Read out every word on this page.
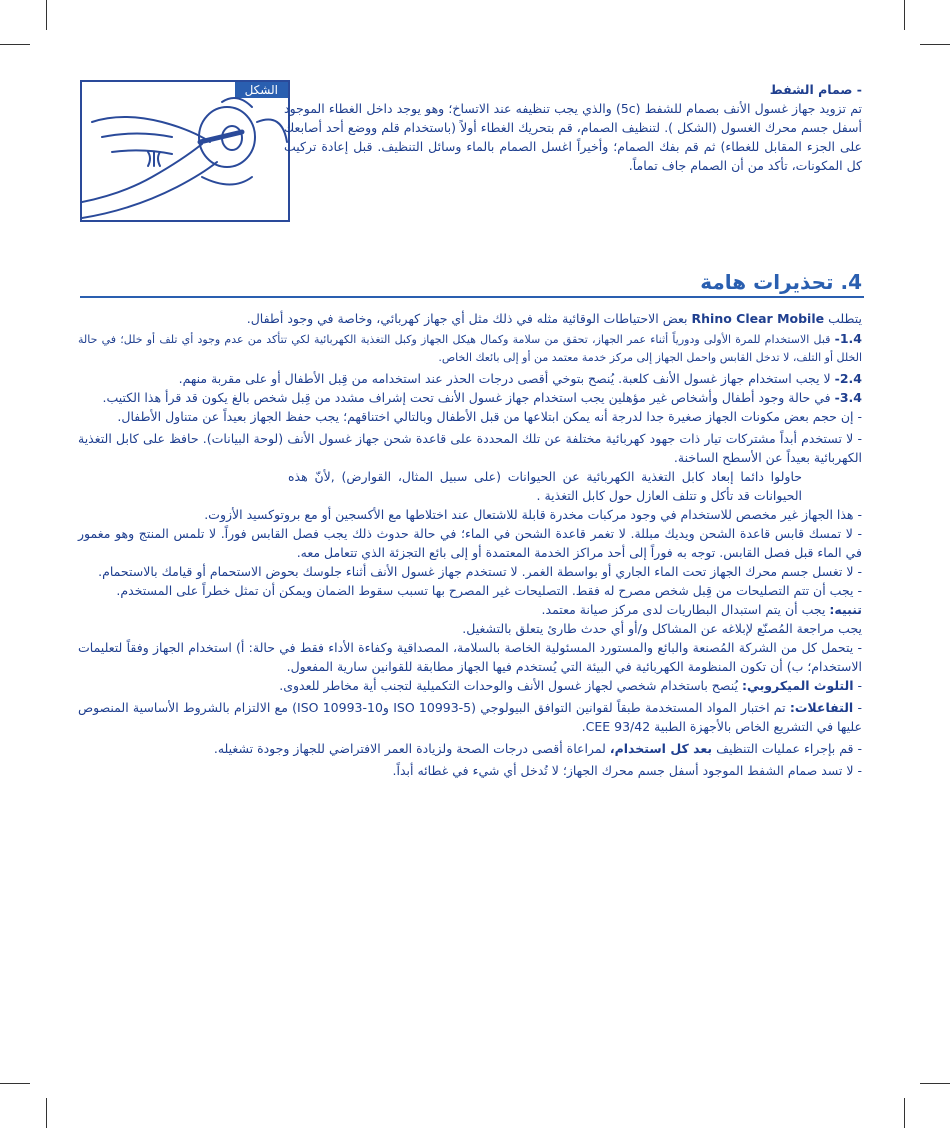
الشكل	- صمام الشفط

تم تزويد جهاز غسول الأنف بصمام للشفط (5c) والذي يجب تنظيفه عند الاتساخ؛ وهو يوجد داخل الغطاء الموجود أسفل جسم محرك الغسول (الشكل ). لتنظيف الصمام، قم بتحريك الغطاء أولاً (باستخدام قلم ووضع أحد أصابعك على الجزء المقابل للغطاء) ثم قم بفك الصمام؛ وأخيراً اغسل الصمام بالماء وسائل التنظيف. قبل إعادة تركيب كل المكونات، تأكد من أن الصمام جاف تماماً.

4. تحذيرات هامة

يتطلب Rhino Clear Mobile بعض الاحتياطات الوقائية مثله في ذلك مثل أي جهاز كهربائي، وخاصة في وجود أطفال.

1.4- قبل الاستخدام للمرة الأولى ودورياً أثناء عمر الجهاز، تحقق من سلامة وكمال هيكل الجهاز وكبل التغذية الكهربائية لكي تتأكد من عدم وجود أي تلف أو خلل؛ في حالة الخلل أو التلف، لا تدخل القابس واحمل الجهاز إلى مركز خدمة معتمد من أو إلى بائعك الخاص.

2.4- لا يجب استخدام جهاز غسول الأنف كلعبة. يُنصح بتوخي أقصى درجات الحذر عند استخدامه من قِبل الأطفال أو على مقربة منهم.

3.4- في حالة وجود أطفال وأشخاص غير مؤهلين يجب استخدام جهاز غسول الأنف تحت إشراف مشدد من قِبل شخص بالغ يكون قد قرأ هذا الكتيب.

- إن حجم بعض مكونات الجهاز صغيرة جدا لدرجة أنه يمكن ابتلاعها من قبل الأطفال وبالتالي اختناقهم؛ يجب حفظ الجهاز بعيداً عن متناول الأطفال.

- لا تستخدم أبداً مشتركات تيار ذات جهود كهربائية مختلفة عن تلك المحددة على قاعدة شحن جهاز غسول الأنف (لوحة البيانات). حافظ على كابل التغذية الكهربائية بعيداً عن الأسطح الساخنة.

حاولوا دائما إبعاد كابل التغذية الكهربائية عن الحيوانات (على سبيل المثال، القوارض) ,لأنّ هذه الحيوانات قد تأكل و تتلف العازل حول كابل التغذية .

- هذا الجهاز غير مخصص للاستخدام في وجود مركبات مخدرة قابلة للاشتعال عند اختلاطها مع الأكسجين أو مع بروتوكسيد الأزوت.

- لا تمسك قابس قاعدة الشحن ويديك مبللة. لا تغمر قاعدة الشحن في الماء؛ في حالة حدوث ذلك يجب فصل القابس فوراً. لا تلمس المنتج وهو مغمور في الماء قبل فصل القابس. توجه به فوراً إلى أحد مراكز الخدمة المعتمدة أو إلى بائع التجزئة الذي تتعامل معه.

- لا تغسل جسم محرك الجهاز تحت الماء الجاري أو بواسطة الغمر. لا تستخدم جهاز غسول الأنف أثناء جلوسك بحوض الاستحمام أو قيامك بالاستحمام.

- يجب أن تتم التصليحات من قِبل شخص مصرح له فقط. التصليحات غير المصرح بها تسبب سقوط الضمان ويمكن أن تمثل خطراً على المستخدم.

تنبيه: يجب أن يتم استبدال البطاريات لدى مركز صيانة معتمد.

يجب مراجعة المُصنّع لإبلاغه عن المشاكل و/أو أي حدث طارئ يتعلق بالتشغيل.

- يتحمل كل من الشركة المُصنعة والبائع والمستورد المسئولية الخاصة بالسلامة، المصداقية وكفاءة الأداء فقط في حالة: أ) استخدام الجهاز وفقاً لتعليمات الاستخدام؛ ب) أن تكون المنظومة الكهربائية في البيئة التي يُستخدم فيها الجهاز مطابقة للقوانين سارية المفعول.

- التلوث الميكروبي: يُنصح باستخدام شخصي لجهاز غسول الأنف والوحدات التكميلية لتجنب أية مخاطر للعدوى.

- التفاعلات: تم اختبار المواد المستخدمة طبقاً لقوانين التوافق البيولوجي (ISO 10993-5 وISO 10993-10) مع الالتزام بالشروط الأساسية المنصوص عليها في التشريع الخاص بالأجهزة الطبية 93/42 CEE.

- قم بإجراء عمليات التنظيف بعد كل استخدام، لمراعاة أقصى درجات الصحة ولزيادة العمر الافتراضي للجهاز وجودة تشغيله.

- لا تسد صمام الشفط الموجود أسفل جسم محرك الجهاز؛ لا تُدخل أي شيء في غطائه أبداً.
